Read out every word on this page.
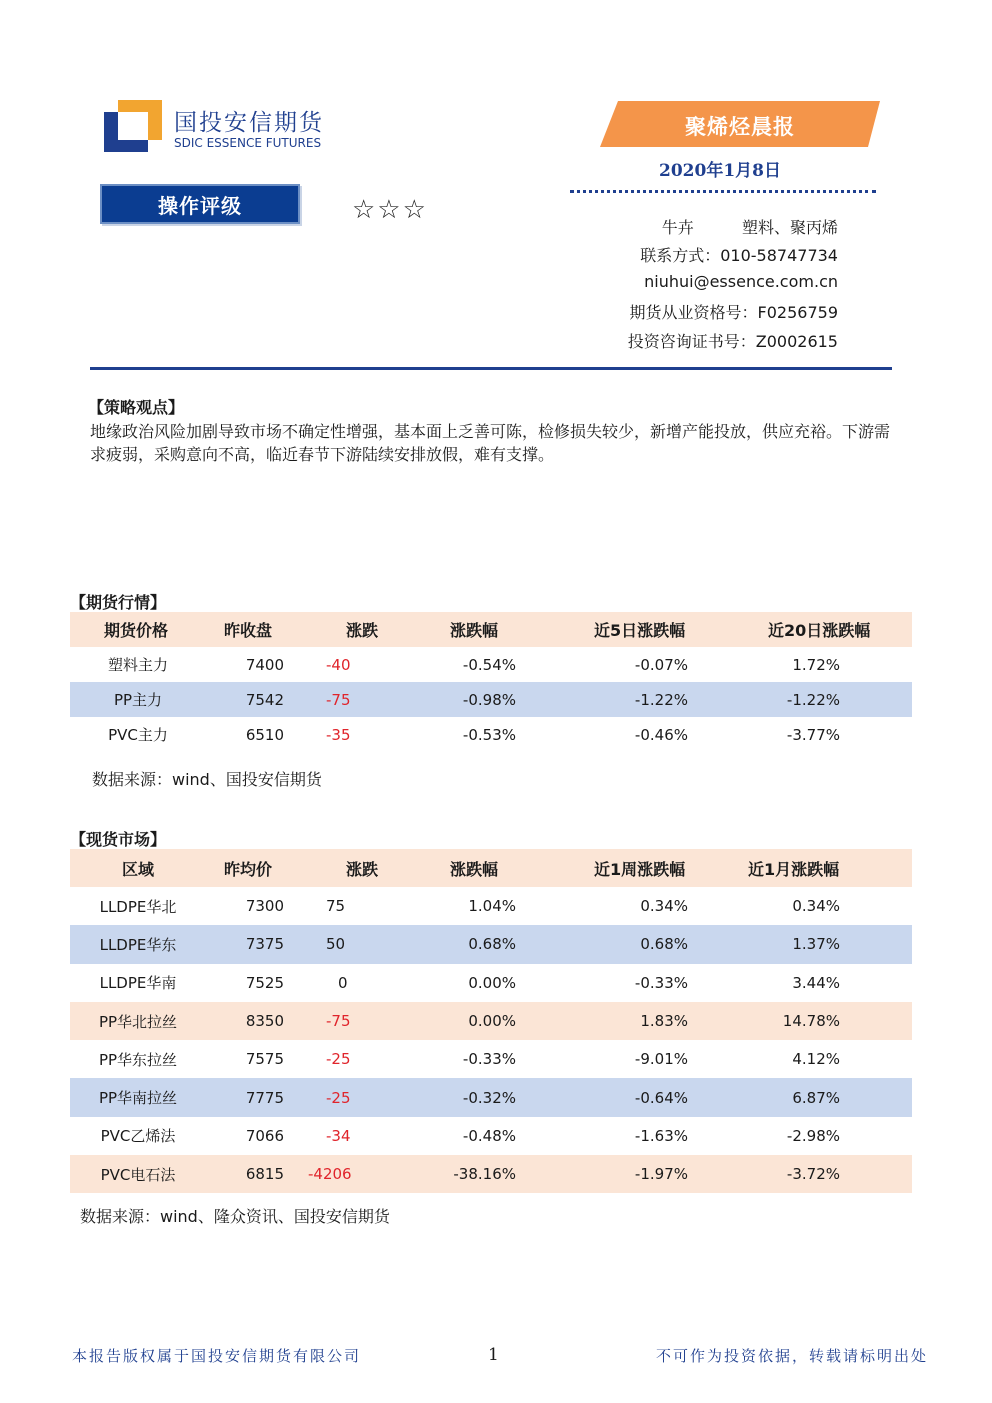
国投安信期货
SDIC ESSENCE FUTURES
聚烯烃晨报
2020年1月8日
操作评级	☆☆☆
牛卉	塑料、聚丙烯
联系方式：010-58747734
niuhui@essence.com.cn
期货从业资格号：F0256759
投资咨询证书号：Z0002615
【策略观点】
地缘政治风险加剧导致市场不确定性增强，基本面上乏善可陈，检修损失较少，新增产能投放，供应充裕。下游需求疲弱，采购意向不高，临近春节下游陆续安排放假，难有支撑。
【期货行情】
期货价格	昨收盘	涨跌	涨跌幅	近5日涨跌幅	近20日涨跌幅
塑料主力	7400	-40	-0.54%	-0.07%	1.72%
PP主力	7542	-75	-0.98%	-1.22%	-1.22%
PVC主力	6510	-35	-0.53%	-0.46%	-3.77%
数据来源：wind、国投安信期货
【现货市场】
区域	昨均价	涨跌	涨跌幅	近1周涨跌幅	近1月涨跌幅
LLDPE华北	7300	75	1.04%	0.34%	0.34%
LLDPE华东	7375	50	0.68%	0.68%	1.37%
LLDPE华南	7525	0	0.00%	-0.33%	3.44%
PP华北拉丝	8350	-75	0.00%	1.83%	14.78%
PP华东拉丝	7575	-25	-0.33%	-9.01%	4.12%
PP华南拉丝	7775	-25	-0.32%	-0.64%	6.87%
PVC乙烯法	7066	-34	-0.48%	-1.63%	-2.98%
PVC电石法	6815	-4206	-38.16%	-1.97%	-3.72%
数据来源：wind、隆众资讯、国投安信期货
本报告版权属于国投安信期货有限公司	1	不可作为投资依据，转载请标明出处
